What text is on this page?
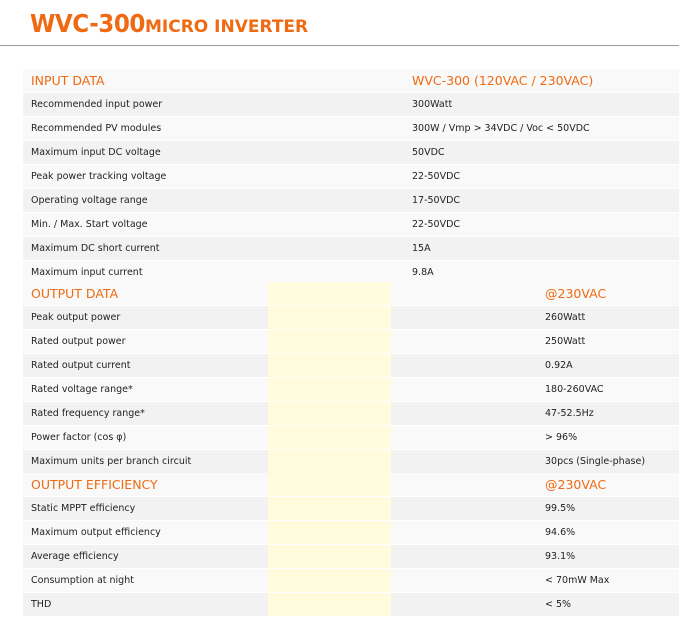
WVC-300 MICRO INVERTER
INPUT DATA	WVC-300 (120VAC / 230VAC)
Recommended input power	300Watt
Recommended PV modules	300W / Vmp > 34VDC / Voc < 50VDC
Maximum input DC voltage	50VDC
Peak power tracking voltage	22-50VDC
Operating voltage range	17-50VDC
Min. / Max. Start voltage	22-50VDC
Maximum DC short current	15A
Maximum input current	9.8A
OUTPUT DATA			@230VAC
Peak output power			260Watt
Rated output power			250Watt
Rated output current			0.92A
Rated voltage range*			180-260VAC
Rated frequency range*			47-52.5Hz
Power factor (cos φ)			> 96%
Maximum units per branch circuit			30pcs (Single-phase)
OUTPUT EFFICIENCY			@230VAC
Static MPPT efficiency			99.5%
Maximum output efficiency			94.6%
Average efficiency			93.1%
Consumption at night			< 70mW Max
THD			< 5%
